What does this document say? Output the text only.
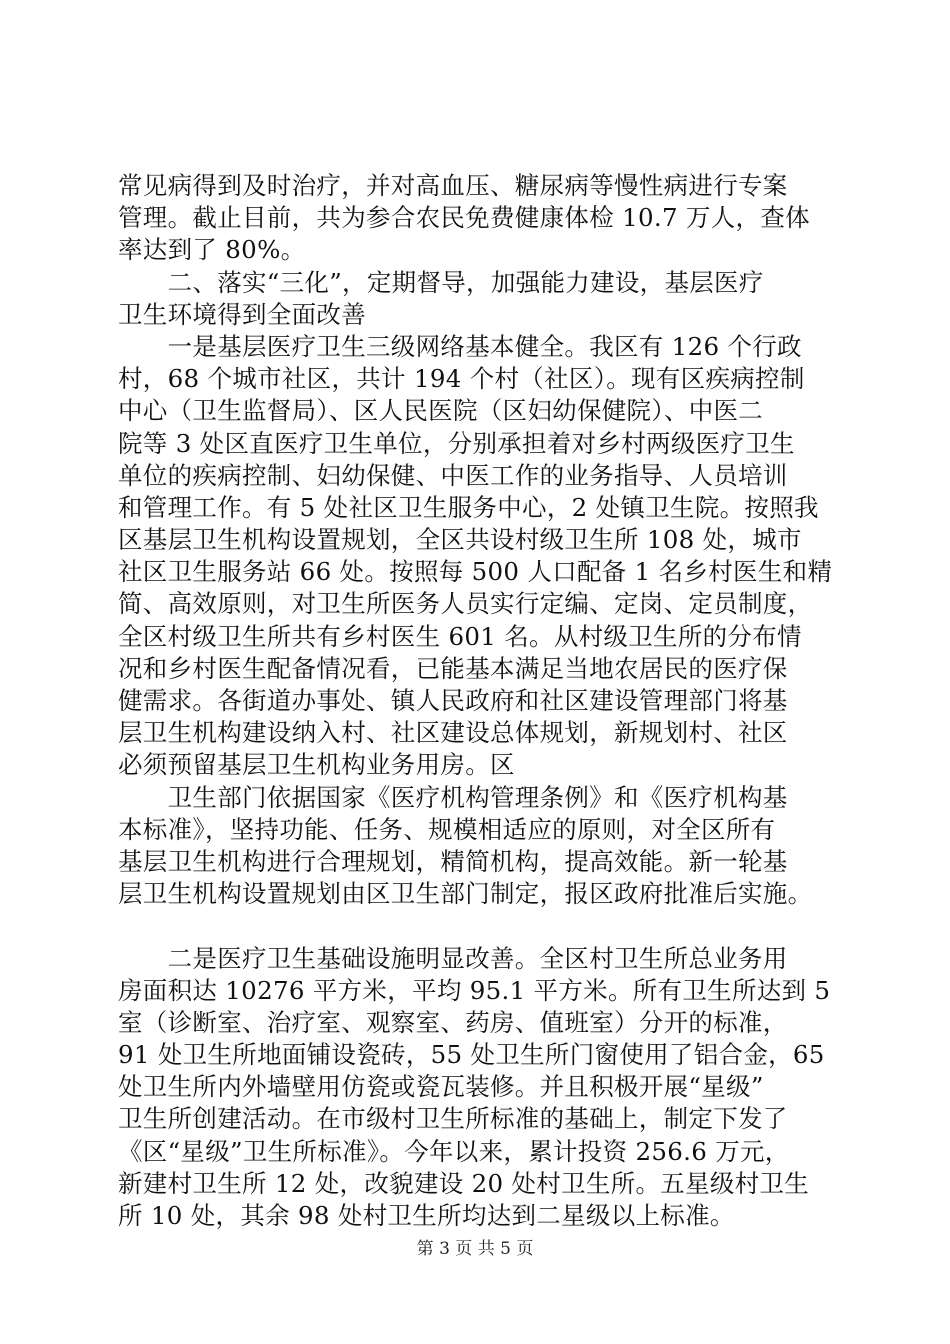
常见病得到及时治疗，并对高血压、糖尿病等慢性病进行专案
管理。截止目前，共为参合农民免费健康体检 10.7 万人，查体
率达到了 80%。
　　二、落实“三化”，定期督导，加强能力建设，基层医疗
卫生环境得到全面改善
　　一是基层医疗卫生三级网络基本健全。我区有 126 个行政
村，68 个城市社区，共计 194 个村（社区）。现有区疾病控制
中心（卫生监督局）、区人民医院（区妇幼保健院）、中医二
院等 3 处区直医疗卫生单位，分别承担着对乡村两级医疗卫生
单位的疾病控制、妇幼保健、中医工作的业务指导、人员培训
和管理工作。有 5 处社区卫生服务中心，2 处镇卫生院。按照我
区基层卫生机构设置规划，全区共设村级卫生所 108 处，城市
社区卫生服务站 66 处。按照每 500 人口配备 1 名乡村医生和精
简、高效原则，对卫生所医务人员实行定编、定岗、定员制度，
全区村级卫生所共有乡村医生 601 名。从村级卫生所的分布情
况和乡村医生配备情况看，已能基本满足当地农居民的医疗保
健需求。各街道办事处、镇人民政府和社区建设管理部门将基
层卫生机构建设纳入村、社区建设总体规划，新规划村、社区
必须预留基层卫生机构业务用房。区
　　卫生部门依据国家《医疗机构管理条例》和《医疗机构基
本标准》，坚持功能、任务、规模相适应的原则，对全区所有
基层卫生机构进行合理规划，精简机构，提高效能。新一轮基
层卫生机构设置规划由区卫生部门制定，报区政府批准后实施。
　　二是医疗卫生基础设施明显改善。全区村卫生所总业务用
房面积达 10276 平方米，平均 95.1 平方米。所有卫生所达到 5
室（诊断室、治疗室、观察室、药房、值班室）分开的标准，
91 处卫生所地面铺设瓷砖，55 处卫生所门窗使用了铝合金，65
处卫生所内外墙壁用仿瓷或瓷瓦装修。并且积极开展“星级”
卫生所创建活动。在市级村卫生所标准的基础上，制定下发了
《区“星级”卫生所标准》。今年以来，累计投资 256.6 万元，
新建村卫生所 12 处，改貌建设 20 处村卫生所。五星级村卫生
所 10 处，其余 98 处村卫生所均达到二星级以上标准。
第 3 页 共 5 页
